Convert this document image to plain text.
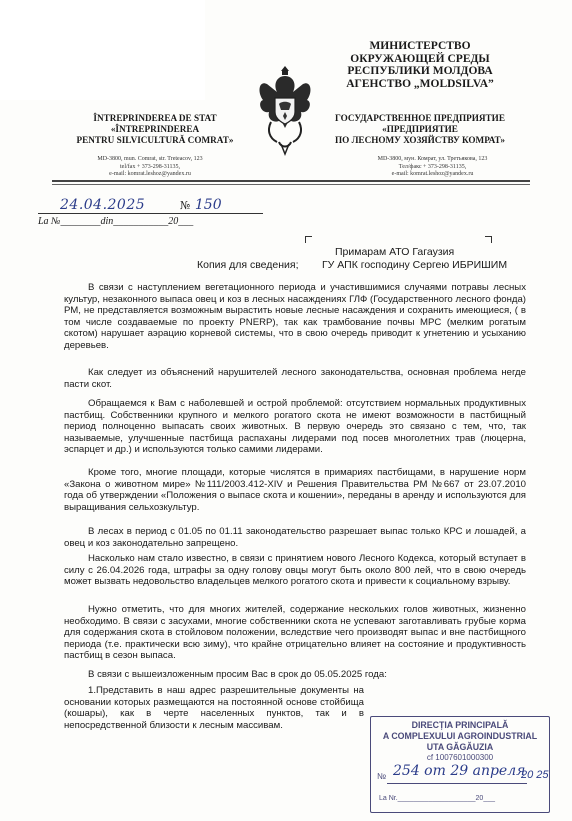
ÎNTREPRINDEREA DE STAT
«ÎNTREPRINDEREA
PENTRU SILVICULTURĂ COMRAT»
MD-3800, mun. Comrat, str. Treteacov, 123
tel/fax + 373-298-31135,
e-mail: komrat.leshoz@yandex.ru
МИНИСТЕРСТВО
ОКРУЖАЮЩЕЙ СРЕДЫ
РЕСПУБЛИКИ МОЛДОВА
АГЕНСТВО „MOLDSILVA”
ГОСУДАРСТВЕННОЕ ПРЕДПРИЯТИЕ
«ПРЕДПРИЯТИЕ
ПО ЛЕСНОМУ ХОЗЯЙСТВУ КОМРАТ»
MD-3800, мун. Комрат, ул. Третьякова, 123
Тел/факс + 373-298-31135,
e-mail: komrat.leshoz@yandex.ru
24.04.2025	№ 150
La №________din___________20___
Примарам АТО Гагаузия
Копия для сведения; ГУ АПК господину Сергею ИБРИШИМ
В связи с наступлением вегетационного периода и участившимися случаями потравы лесных культур, незаконного выпаса овец и коз в лесных насаждениях ГЛФ (Государственного лесного фонда) РМ, не представляется возможным вырастить новые лесные насаждения и сохранить имеющиеся, ( в том числе создаваемые по проекту PNERP), так как трамбование почвы МРС (мелким рогатым скотом) нарушает аэрацию корневой системы, что в свою очередь приводит к угнетению и усыханию деревьев.
Как следует из объяснений нарушителей лесного законодательства, основная проблема негде пасти скот.
Обращаемся к Вам с наболевшей и острой проблемой: отсутствием нормальных продуктивных пастбищ. Собственники крупного и мелкого рогатого скота не имеют возможности в пастбищный период полноценно выпасать своих животных. В первую очередь это связано с тем, что, так называемые, улучшенные пастбища распаханы лидерами под посев многолетних трав (люцерна, эспарцет и др.) и используются только самими лидерами.
Кроме того, многие площади, которые числятся в примариях пастбищами, в нарушение норм «Закона о животном мире» №111/2003.412-XIV и Решения Правительства РМ №667 от 23.07.2010 года об утверждении «Положения о выпасе скота и кошении», переданы в аренду и используются для выращивания сельхозкультур.
В лесах в период с 01.05 по 01.11 законодательство разрешает выпас только КРС и лошадей, а овец и коз законодательно запрещено.
Насколько нам стало известно, в связи с принятием нового Лесного Кодекса, который вступает в силу с 26.04.2026 года, штрафы за одну голову овцы могут быть около 800 лей, что в свою очередь может вызвать недовольство владельцев мелкого рогатого скота и привести к социальному взрыву.
Нужно отметить, что для многих жителей, содержание нескольких голов животных, жизненно необходимо. В связи с засухами, многие собственники скота не успевают заготавливать грубые корма для содержания скота в стойловом положении, вследствие чего производят выпас и вне пастбищного периода (т.е. практически всю зиму), что крайне отрицательно влияет на состояние и продуктивность пастбищ в сезон выпаса.
В связи с вышеизложенным просим Вас в срок до 05.05.2025 года:
1.Представить в наш адрес разрешительные документы на основании которых размещаются на постоянной основе стойбища (кошары), как в черте населенных пунктов, так и в непосредственной близости к лесным массивам.	DIRECȚIA PRINCIPALĂ
A COMPLEXULUI AGROINDUSTRIAL
UTA GĂGĂUZIA
cf 1007601000300
№ 254 от 29 апреля
20 25
La Nr.____________________20___
